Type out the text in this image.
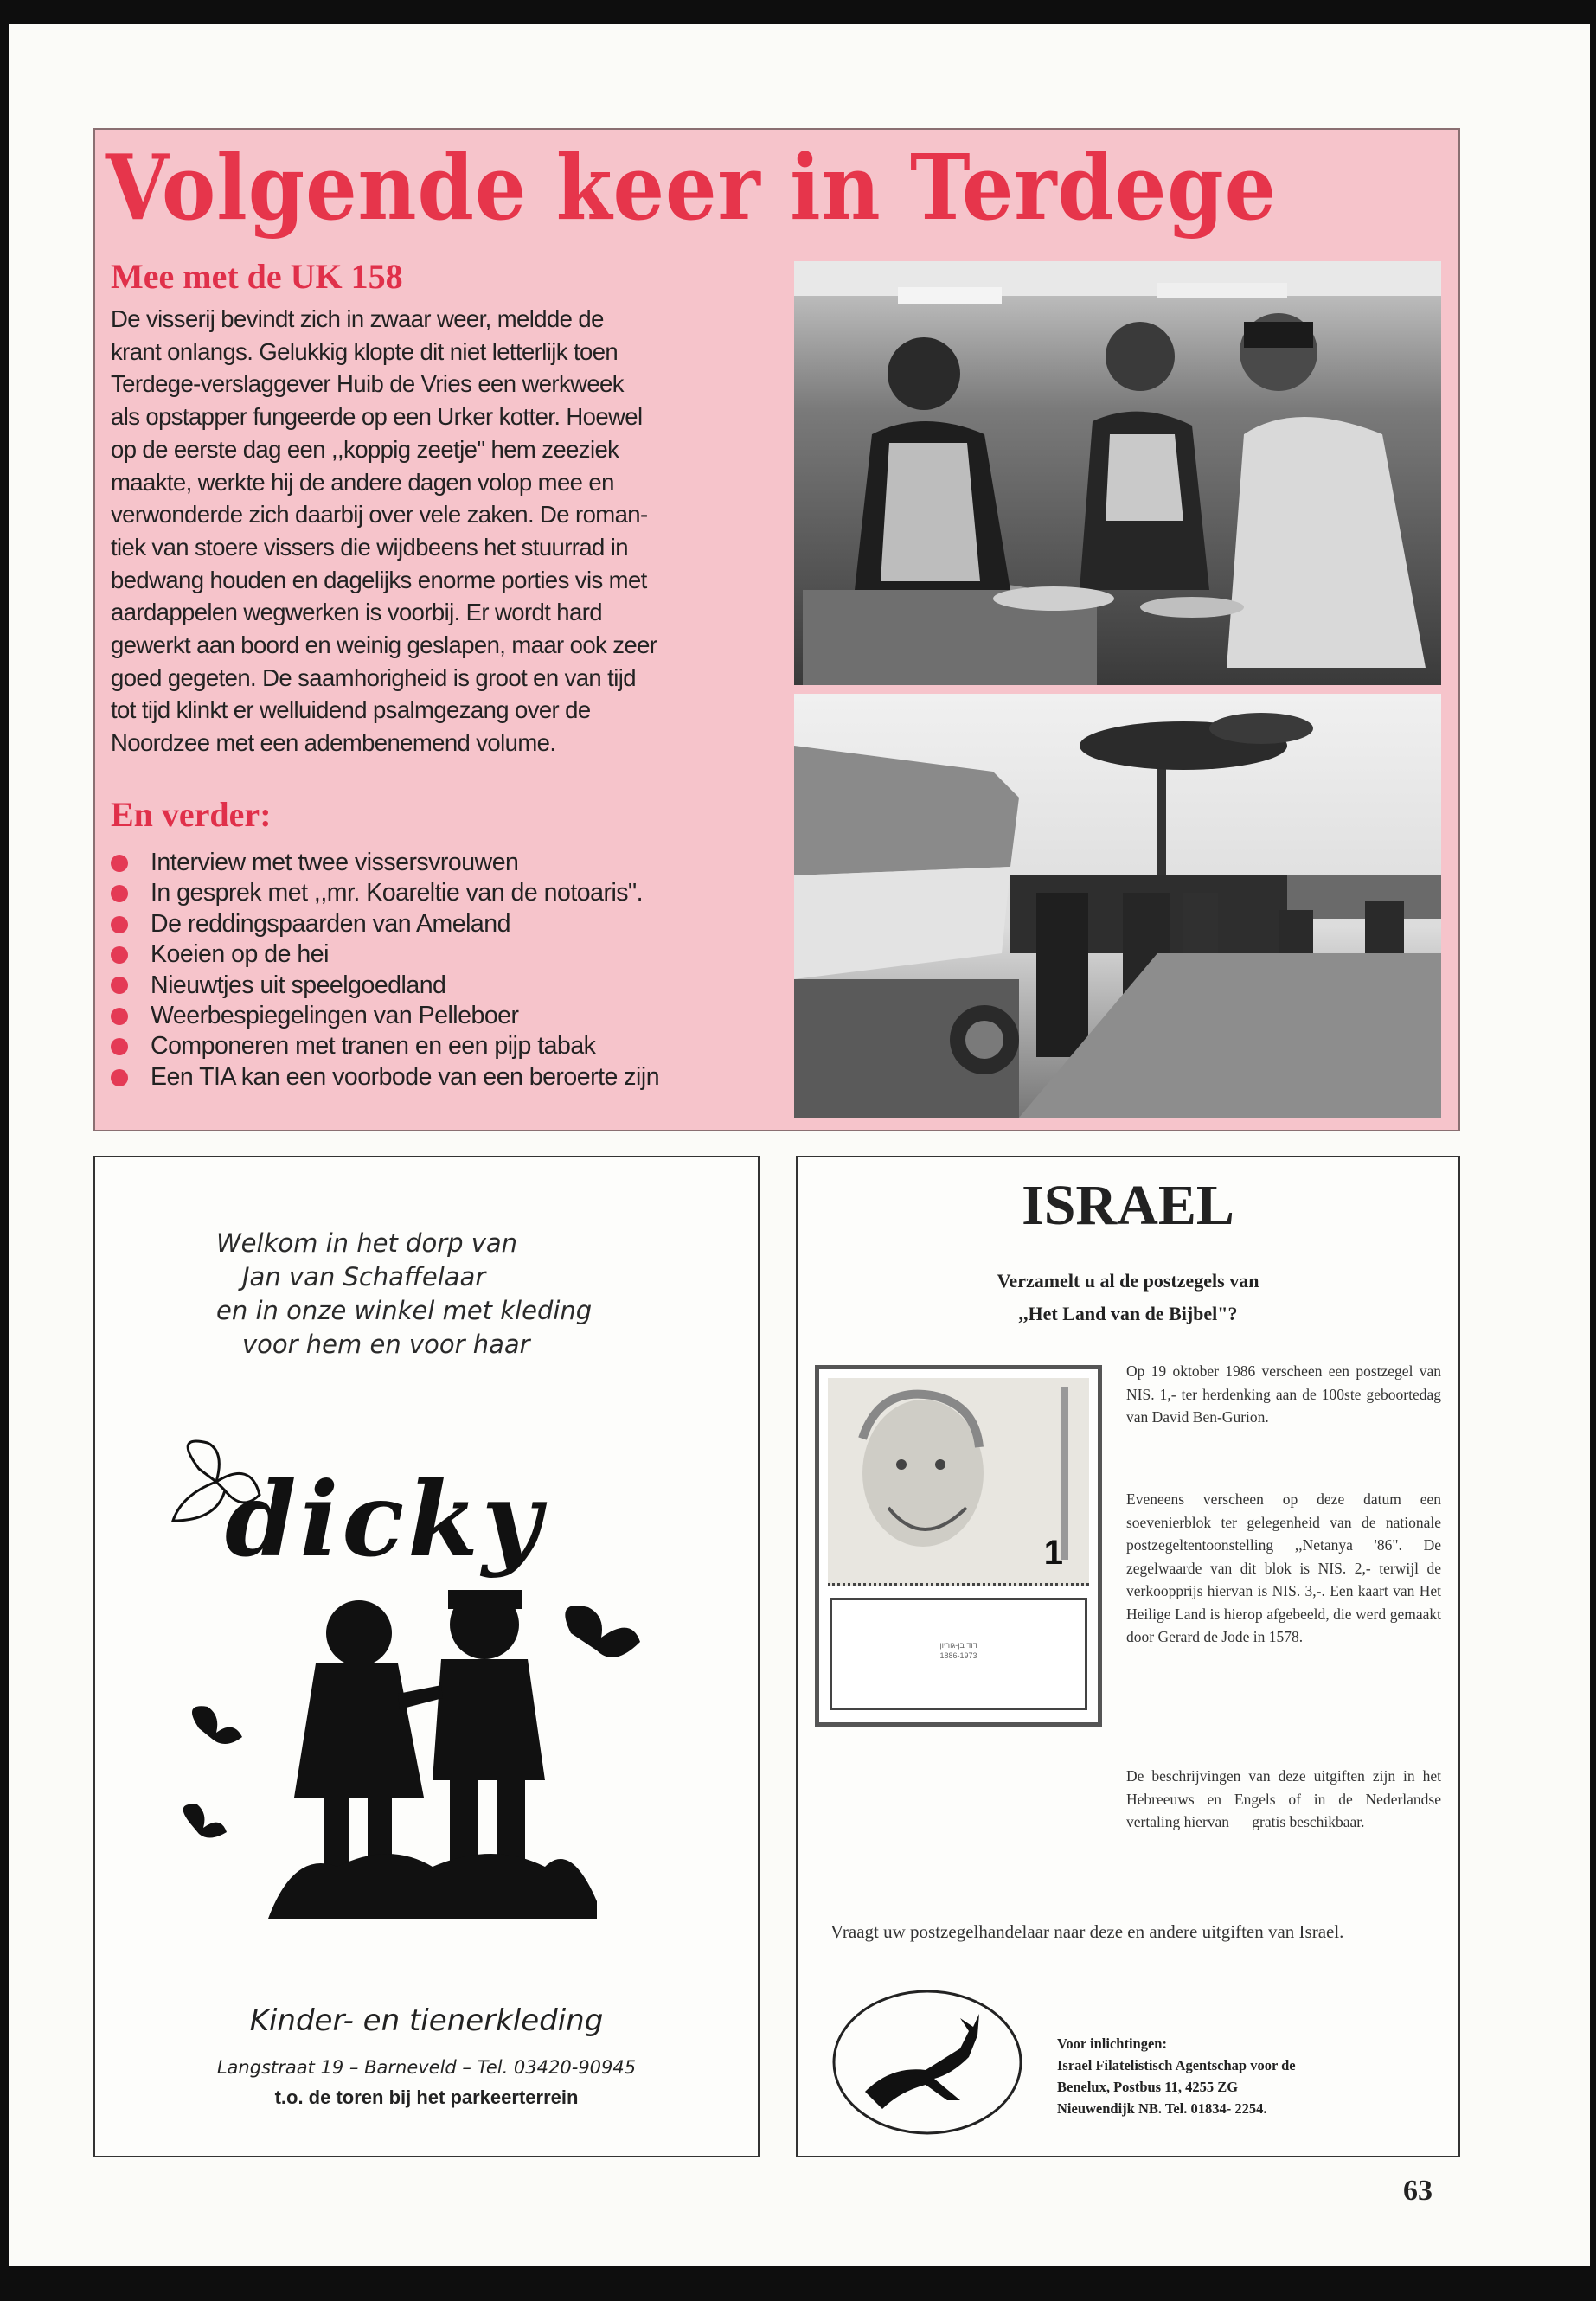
Volgende keer in Terdege
Mee met de UK 158
De visserij bevindt zich in zwaar weer, meldde de
krant onlangs. Gelukkig klopte dit niet letterlijk toen
Terdege-verslaggever Huib de Vries een werkweek
als opstapper fungeerde op een Urker kotter. Hoewel
op de eerste dag een ,,koppig zeetje" hem zeeziek
maakte, werkte hij de andere dagen volop mee en
verwonderde zich daarbij over vele zaken. De roman-
tiek van stoere vissers die wijdbeens het stuurrad in
bedwang houden en dagelijks enorme porties vis met
aardappelen wegwerken is voorbij. Er wordt hard
gewerkt aan boord en weinig geslapen, maar ook zeer
goed gegeten. De saamhorigheid is groot en van tijd
tot tijd klinkt er welluidend psalmgezang over de
Noordzee met een adembenemend volume.
En verder:
Interview met twee vissersvrouwen
In gesprek met ,,mr. Koareltie van de notoaris".
De reddingspaarden van Ameland
Koeien op de hei
Nieuwtjes uit speelgoedland
Weerbespiegelingen van Pelleboer
Componeren met tranen en een pijp tabak
Een TIA kan een voorbode van een beroerte zijn
Welkom in het dorp van
Jan van Schaffelaar
en in onze winkel met kleding
voor hem en voor haar
dicky
Kinder- en tienerkleding
Langstraat 19 – Barneveld – Tel. 03420-90945
t.o. de toren bij het parkeerterrein
ISRAEL
Verzamelt u al de postzegels van
,,Het Land van de Bijbel"?
1
דוד בן-גוריון
1886-1973

Op 19 oktober 1986 verscheen een postzegel van NIS. 1,- ter herdenking aan de 100ste geboortedag van David Ben-Gurion.

Eveneens verscheen op deze datum een soevenierblok ter gelegenheid van de nationale postzegeltentoonstelling ,,Netanya '86". De zegelwaarde van dit blok is NIS. 2,- terwijl de verkoopprijs hiervan is NIS. 3,-. Een kaart van Het Heilige Land is hierop afgebeeld, die werd gemaakt door Gerard de Jode in 1578.

De beschrijvingen van deze uitgiften zijn in het Hebreeuws en Engels of in de Nederlandse vertaling hiervan — gratis beschikbaar.

Vraagt uw postzegelhandelaar naar deze en andere uitgiften van Israel.

Voor inlichtingen:
Israel Filatelistisch Agentschap voor de
Benelux, Postbus 11, 4255 ZG
Nieuwendijk NB. Tel. 01834- 2254.
63
